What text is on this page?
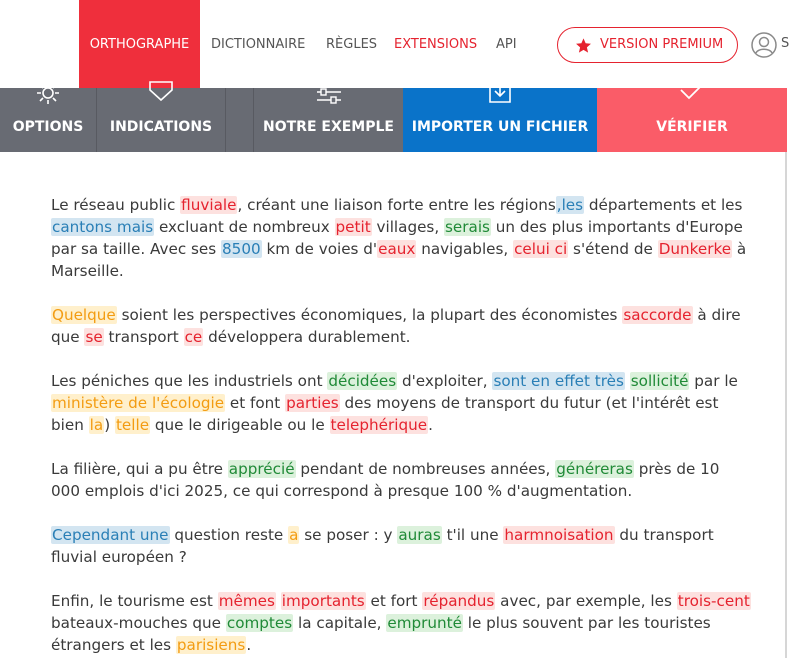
ORTHOGRAPHE	DICTIONNAIRE RÈGLES EXTENSIONS API	VERSION PREMIUM	S
OPTIONS	INDICATIONS	NOTRE EXEMPLE	IMPORTER UN FICHIER	VÉRIFIER
Le réseau public fluviale, créant une liaison forte entre les régions,les départements et les cantons mais excluant de nombreux petit villages, serais un des plus importants d'Europe par sa taille. Avec ses 8500 km de voies d'eaux navigables, celui ci s'étend de Dunkerke à Marseille.
Quelque soient les perspectives économiques, la plupart des économistes saccorde à dire que se transport ce développera durablement.
Les péniches que les industriels ont décidées d'exploiter, sont en effet très sollicité par le ministère de l'écologie et font parties des moyens de transport du futur (et l'intérêt est bien la) telle que le dirigeable ou le telephérique.
La filière, qui a pu être apprécié pendant de nombreuses années, généreras près de 10 000 emplois d'ici 2025, ce qui correspond à presque 100 % d'augmentation.
Cependant une question reste a se poser : y auras t'il une harmnoisation du transport fluvial européen ?
Enfin, le tourisme est mêmes importants et fort répandus avec, par exemple, les trois-cent bateaux-mouches que comptes la capitale, emprunté le plus souvent par les touristes étrangers et les parisiens.
